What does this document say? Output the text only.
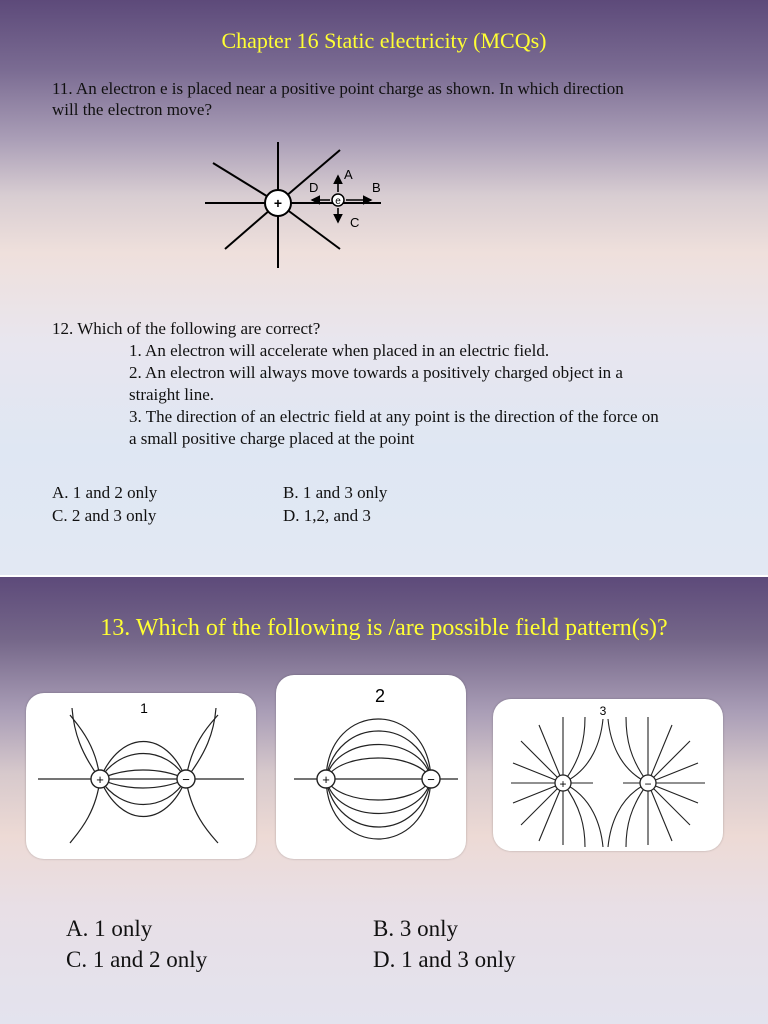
Chapter 16 Static electricity (MCQs)
11. An electron e is placed near a positive point charge as shown. In which direction
will the electron move?
+	e
A
B
C
D
12. Which of the following are correct?
1. An electron will accelerate when placed in an electric field.
2. An electron will always move towards a positively charged object in a
straight line.
3. The direction of an electric field at any point is the direction of the force on
a small positive charge placed at the point
A. 1 and 2 only	B. 1 and 3 only
C. 2 and 3 only	D. 1,2, and 3
13. Which of the following is /are possible field pattern(s)?
1
+	−
2
+	−
3
+	−
A. 1 only	B. 3 only
C. 1 and 2 only	D. 1 and 3 only
